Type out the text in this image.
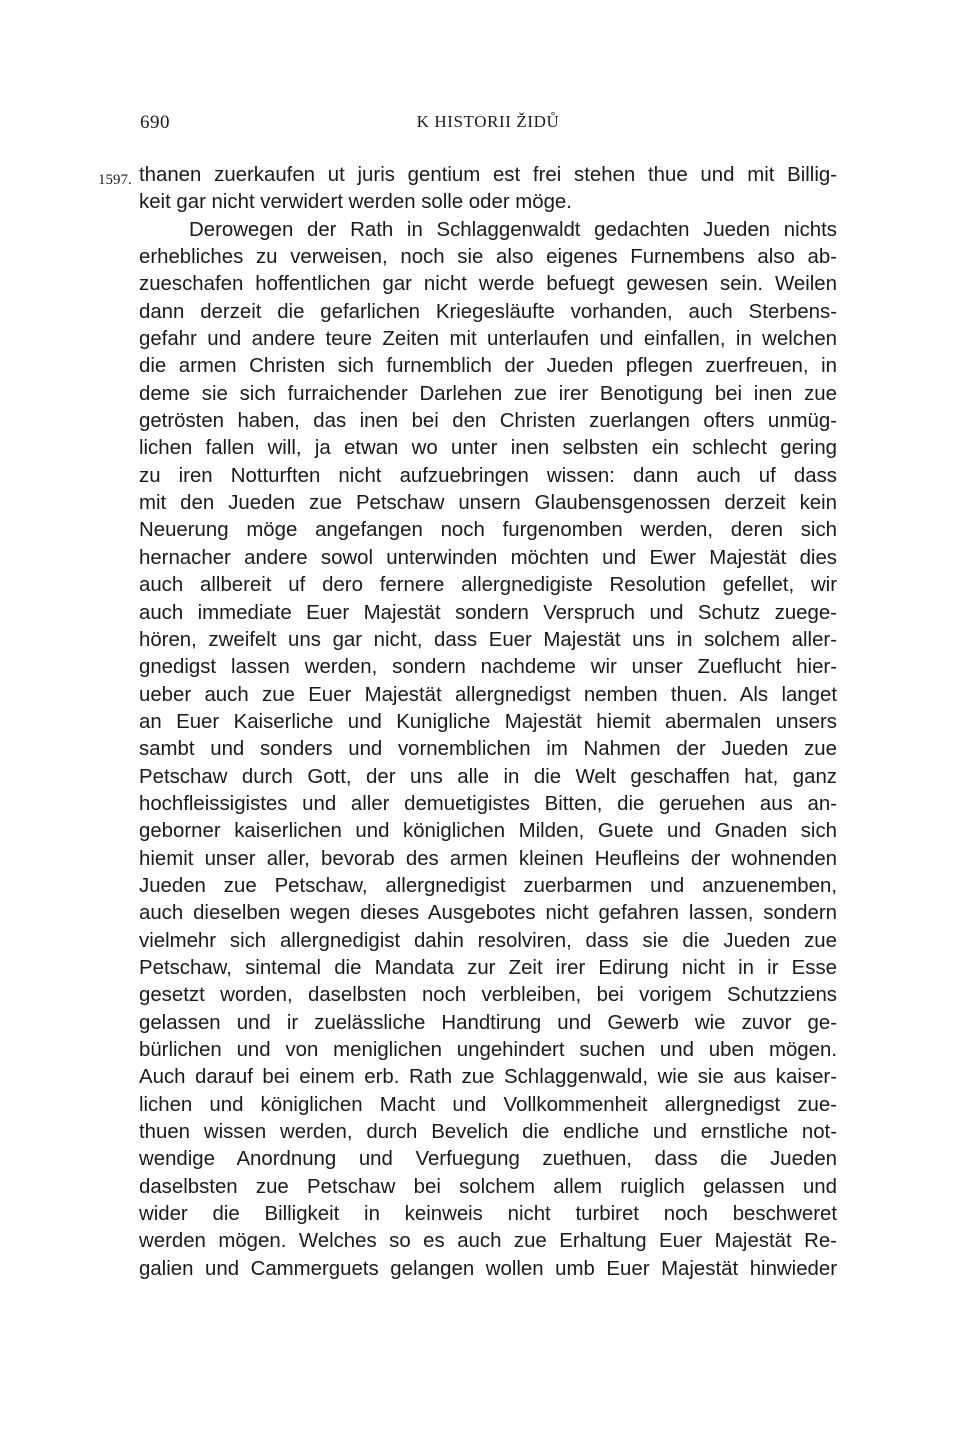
690	K HISTORII ŽIDŮ
1597. thanen zuerkaufen ut juris gentium est frei stehen thue und mit Billig-
keit gar nicht verwidert werden solle oder möge.
Derowegen der Rath in Schlaggenwaldt gedachten Jueden nichts
erhebliches zu verweisen, noch sie also eigenes Furnembens also ab-
zueschafen hoffentlichen gar nicht werde befuegt gewesen sein. Weilen
dann derzeit die gefarlichen Kriegesläufte vorhanden, auch Sterbens-
gefahr und andere teure Zeiten mit unterlaufen und einfallen, in welchen
die armen Christen sich furnemblich der Jueden pflegen zuerfreuen, in
deme sie sich furraichender Darlehen zue irer Benotigung bei inen zue
getrösten haben, das inen bei den Christen zuerlangen ofters unmüg-
lichen fallen will, ja etwan wo unter inen selbsten ein schlecht gering
zu iren Notturften nicht aufzuebringen wissen: dann auch uf dass
mit den Jueden zue Petschaw unsern Glaubensgenossen derzeit kein
Neuerung möge angefangen noch furgenomben werden, deren sich
hernacher andere sowol unterwinden möchten und Ewer Majestät dies
auch allbereit uf dero fernere allergnedigiste Resolution gefellet, wir
auch immediate Euer Majestät sondern Verspruch und Schutz zuege-
hören, zweifelt uns gar nicht, dass Euer Majestät uns in solchem aller-
gnedigst lassen werden, sondern nachdeme wir unser Zueflucht hier-
ueber auch zue Euer Majestät allergnedigst nemben thuen. Als langet
an Euer Kaiserliche und Kunigliche Majestät hiemit abermalen unsers
sambt und sonders und vornemblichen im Nahmen der Jueden zue
Petschaw durch Gott, der uns alle in die Welt geschaffen hat, ganz
hochfleissigistes und aller demuetigistes Bitten, die geruehen aus an-
geborner kaiserlichen und königlichen Milden, Guete und Gnaden sich
hiemit unser aller, bevorab des armen kleinen Heufleins der wohnenden
Jueden zue Petschaw, allergnedigist zuerbarmen und anzuenemben,
auch dieselben wegen dieses Ausgebotes nicht gefahren lassen, sondern
vielmehr sich allergnedigist dahin resolviren, dass sie die Jueden zue
Petschaw, sintemal die Mandata zur Zeit irer Edirung nicht in ir Esse
gesetzt worden, daselbsten noch verbleiben, bei vorigem Schutzziens
gelassen und ir zuelässliche Handtirung und Gewerb wie zuvor ge-
bürlichen und von meniglichen ungehindert suchen und uben mögen.
Auch darauf bei einem erb. Rath zue Schlaggenwald, wie sie aus kaiser-
lichen und königlichen Macht und Vollkommenheit allergnedigst zue-
thuen wissen werden, durch Bevelich die endliche und ernstliche not-
wendige Anordnung und Verfuegung zuethuen, dass die Jueden
daselbsten zue Petschaw bei solchem allem ruiglich gelassen und
wider die Billigkeit in keinweis nicht turbiret noch beschweret
werden mögen. Welches so es auch zue Erhaltung Euer Majestät Re-
galien und Cammerguets gelangen wollen umb Euer Majestät hinwieder
